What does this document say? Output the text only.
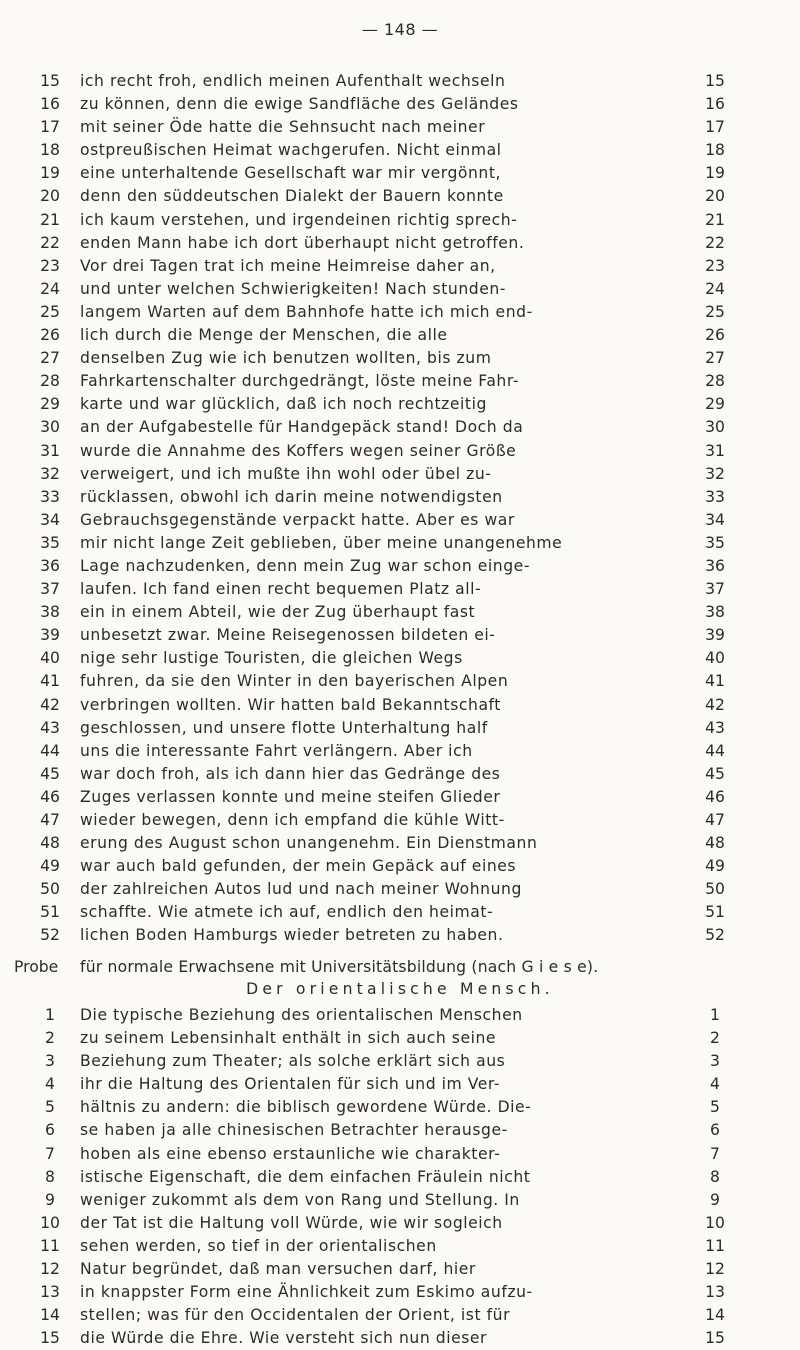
— 148 —
15	ich recht froh, endlich meinen Aufenthalt wechseln	15
16	zu können, denn die ewige Sandfläche des Geländes	16
17	mit seiner Öde hatte die Sehnsucht nach meiner	17
18	ostpreußischen Heimat wachgerufen. Nicht einmal	18
19	eine unterhaltende Gesellschaft war mir vergönnt,	19
20	denn den süddeutschen Dialekt der Bauern konnte	20
21	ich kaum verstehen, und irgendeinen richtig sprech-	21
22	enden Mann habe ich dort überhaupt nicht getroffen.	22
23	Vor drei Tagen trat ich meine Heimreise daher an,	23
24	und unter welchen Schwierigkeiten! Nach stunden-	24
25	langem Warten auf dem Bahnhofe hatte ich mich end-	25
26	lich durch die Menge der Menschen, die alle	26
27	denselben Zug wie ich benutzen wollten, bis zum	27
28	Fahrkartenschalter durchgedrängt, löste meine Fahr-	28
29	karte und war glücklich, daß ich noch rechtzeitig	29
30	an der Aufgabestelle für Handgepäck stand! Doch da	30
31	wurde die Annahme des Koffers wegen seiner Größe	31
32	verweigert, und ich mußte ihn wohl oder übel zu-	32
33	rücklassen, obwohl ich darin meine notwendigsten	33
34	Gebrauchsgegenstände verpackt hatte. Aber es war	34
35	mir nicht lange Zeit geblieben, über meine unangenehme	35
36	Lage nachzudenken, denn mein Zug war schon einge-	36
37	laufen. Ich fand einen recht bequemen Platz all-	37
38	ein in einem Abteil, wie der Zug überhaupt fast	38
39	unbesetzt zwar. Meine Reisegenossen bildeten ei-	39
40	nige sehr lustige Touristen, die gleichen Wegs	40
41	fuhren, da sie den Winter in den bayerischen Alpen	41
42	verbringen wollten. Wir hatten bald Bekanntschaft	42
43	geschlossen, und unsere flotte Unterhaltung half	43
44	uns die interessante Fahrt verlängern. Aber ich	44
45	war doch froh, als ich dann hier das Gedränge des	45
46	Zuges verlassen konnte und meine steifen Glieder	46
47	wieder bewegen, denn ich empfand die kühle Witt-	47
48	erung des August schon unangenehm. Ein Dienstmann	48
49	war auch bald gefunden, der mein Gepäck auf eines	49
50	der zahlreichen Autos lud und nach meiner Wohnung	50
51	schaffte. Wie atmete ich auf, endlich den heimat-	51
52	lichen Boden Hamburgs wieder betreten zu haben.	52
Probe für normale Erwachsene mit Universitätsbildung (nach G i e s e).
Der orientalische Mensch.
1	Die typische Beziehung des orientalischen Menschen	1
2	zu seinem Lebensinhalt enthält in sich auch seine	2
3	Beziehung zum Theater; als solche erklärt sich aus	3
4	ihr die Haltung des Orientalen für sich und im Ver-	4
5	hältnis zu andern: die biblisch gewordene Würde. Die-	5
6	se haben ja alle chinesischen Betrachter herausge-	6
7	hoben als eine ebenso erstaunliche wie charakter-	7
8	istische Eigenschaft, die dem einfachen Fräulein nicht	8
9	weniger zukommt als dem von Rang und Stellung. In	9
10	der Tat ist die Haltung voll Würde, wie wir sogleich	10
11	sehen werden, so tief in der orientalischen	11
12	Natur begründet, daß man versuchen darf, hier	12
13	in knappster Form eine Ähnlichkeit zum Eskimo aufzu-	13
14	stellen; was für den Occidentalen der Orient, ist für	14
15	die Würde die Ehre. Wie versteht sich nun dieser	15
